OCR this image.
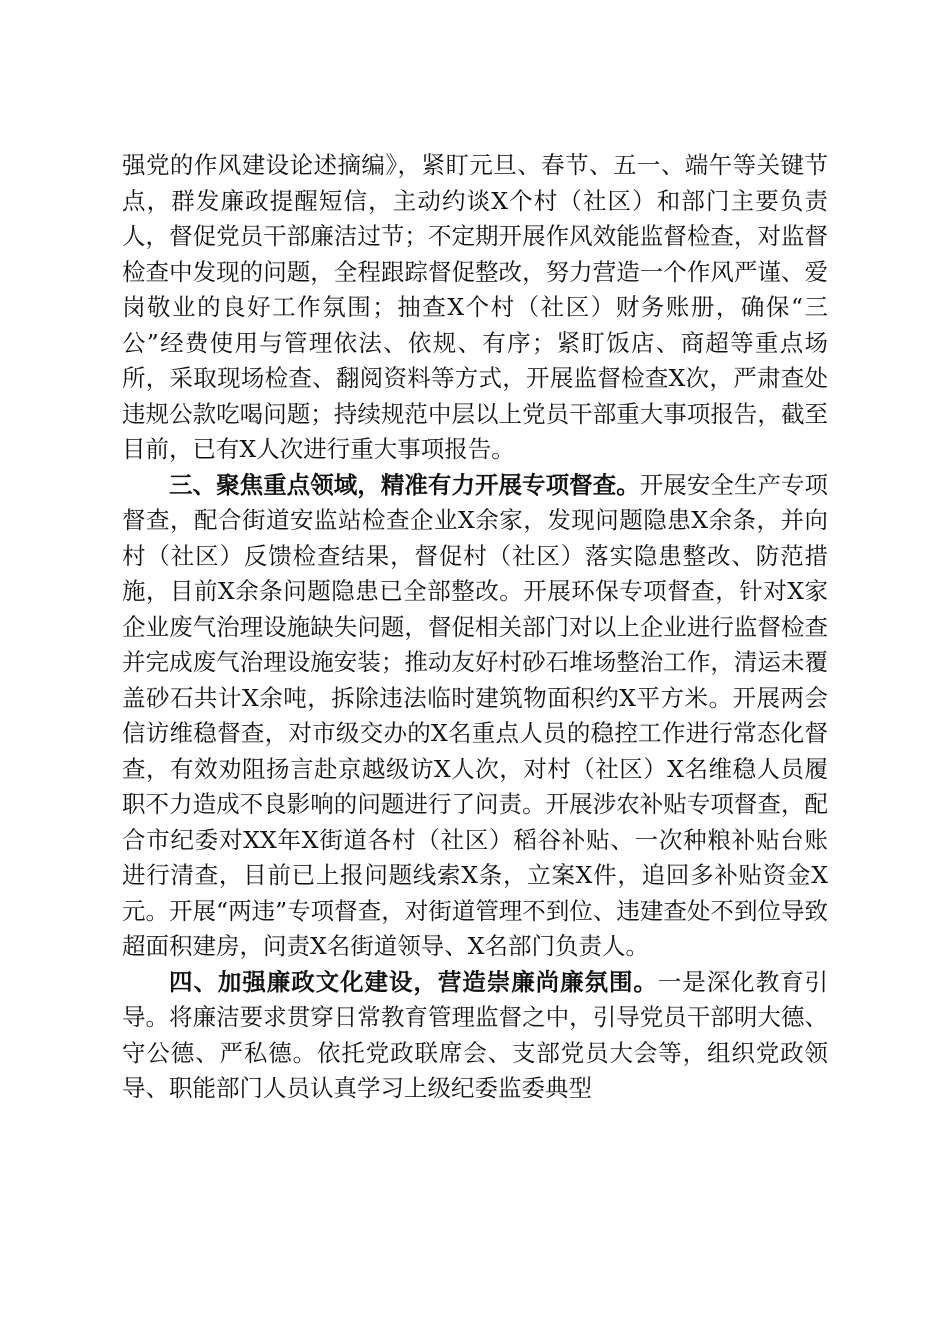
强党的作风建设论述摘编》，紧盯元旦、春节、五一、端午等关键节点，群发廉政提醒短信，主动约谈X个村（社区）和部门主要负责人，督促党员干部廉洁过节；不定期开展作风效能监督检查，对监督检查中发现的问题，全程跟踪督促整改，努力营造一个作风严谨、爱岗敬业的良好工作氛围；抽查X个村（社区）财务账册，确保“三公”经费使用与管理依法、依规、有序；紧盯饭店、商超等重点场所，采取现场检查、翻阅资料等方式，开展监督检查X次，严肃查处违规公款吃喝问题；持续规范中层以上党员干部重大事项报告，截至目前，已有X人次进行重大事项报告。

三、聚焦重点领域，精准有力开展专项督查。开展安全生产专项督查，配合街道安监站检查企业X余家，发现问题隐患X余条，并向村（社区）反馈检查结果，督促村（社区）落实隐患整改、防范措施，目前X余条问题隐患已全部整改。开展环保专项督查，针对X家企业废气治理设施缺失问题，督促相关部门对以上企业进行监督检查并完成废气治理设施安装；推动友好村砂石堆场整治工作，清运未覆盖砂石共计X余吨，拆除违法临时建筑物面积约X平方米。开展两会信访维稳督查，对市级交办的X名重点人员的稳控工作进行常态化督查，有效劝阻扬言赴京越级访X人次，对村（社区）X名维稳人员履职不力造成不良影响的问题进行了问责。开展涉农补贴专项督查，配合市纪委对XX年X街道各村（社区）稻谷补贴、一次种粮补贴台账进行清查，目前已上报问题线索X条，立案X件，追回多补贴资金X元。开展“两违”专项督查，对街道管理不到位、违建查处不到位导致超面积建房，问责X名街道领导、X名部门负责人。

四、加强廉政文化建设，营造崇廉尚廉氛围。一是深化教育引导。将廉洁要求贯穿日常教育管理监督之中，引导党员干部明大德、守公德、严私德。依托党政联席会、支部党员大会等，组织党政领导、职能部门人员认真学习上级纪委监委典型
